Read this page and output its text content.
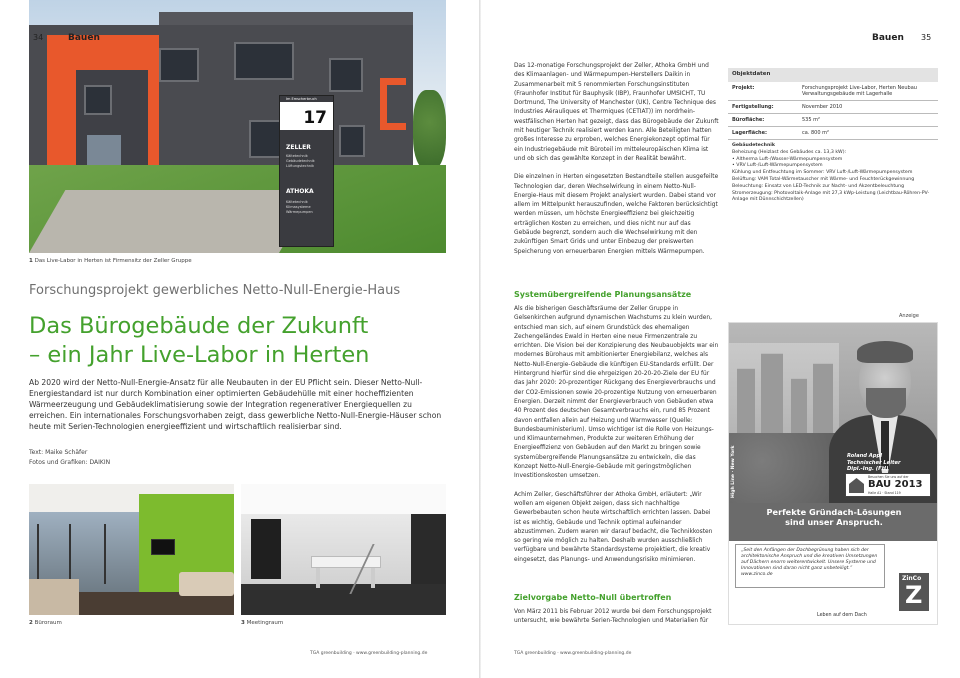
17
Im Emscherbruch
ZELLER
Kältetechnik Gebäudetechnik Lüftungstechnik
ATHOKA
Kältetechnik Klimasysteme Wärmepumpen
34	Bauen
1 Das Live-Labor in Herten ist Firmensitz der Zeller Gruppe
Forschungsprojekt gewerbliches Netto-Null-Energie-Haus
Das Bürogebäude der Zukunft
– ein Jahr Live-Labor in Herten
Ab 2020 wird der Netto-Null-Energie-Ansatz für alle Neubauten in der EU Pflicht sein. Dieser Netto-Null-Energiestandard ist nur durch Kombination einer optimierten Gebäudehülle mit einer hocheffizienten Wärmeerzeugung und Gebäudeklimatisierung sowie der Integration regenerativer Energiequellen zu erreichen. Ein internationales Forschungsvorhaben zeigt, dass gewerbliche Netto-Null-Energie-Häuser schon heute mit Serien-Technologien energieeffizient und wirtschaftlich realisierbar sind.
Text: Maike Schäfer
Fotos und Grafiken: DAIKIN
2 Büroraum	3 Meetingraum
TGA greenbuilding · www.greenbuilding-planning.de
Bauen 35

Das 12-monatige Forschungsprojekt der Zeller, Athoka GmbH und des Klimaanlagen- und Wärmepumpen-Herstellers Daikin in Zusammenarbeit mit 5 renommierten Forschungsinstituten (Fraunhofer Institut für Bauphysik (IBP), Fraunhofer UMSICHT, TU Dortmund, The University of Manchester (UK), Centre Technique des Industries Aérauliques et Thermiques (CETIAT)) im nordrhein-westfälischen Herten hat gezeigt, dass das Bürogebäude der Zukunft mit heutiger Technik realisiert werden kann. Alle Beteiligten hatten großes Interesse zu erproben, welches Energiekonzept optimal für ein Industriegebäude mit Büroteil im mitteleuropäischen Klima ist und ob sich das gewählte Konzept in der Realität bewährt.

Die einzelnen in Herten eingesetzten Bestandteile stellen ausgefeilte Technologien dar, deren Wechselwirkung in einem Netto-Null-Energie-Haus mit diesem Projekt analysiert wurden. Dabei stand vor allem im Mittelpunkt herauszufinden, welche Faktoren berücksichtigt werden müssen, um höchste Energieeffizienz bei gleichzeitig erträglichen Kosten zu erreichen, und dies nicht nur auf das Gebäude begrenzt, sondern auch die Wechselwirkung mit den zukünftigen Smart Grids und unter Einbezug der preiswerten Speicherung von erneuerbaren Energien mittels Wärmepumpen.

Systemübergreifende Planungsansätze

Als die bisherigen Geschäftsräume der Zeller Gruppe in Gelsenkirchen aufgrund dynamischen Wachstums zu klein wurden, entschied man sich, auf einem Grundstück des ehemaligen Zechengeländes Ewald in Herten eine neue Firmenzentrale zu errichten. Die Vision bei der Konzipierung des Neubauobjekts war ein modernes Bürohaus mit ambitionierter Energiebilanz, welches als Netto-Null-Energie-Gebäude die künftigen EU-Standards erfüllt. Der Hintergrund hierfür sind die ehrgeizigen 20-20-20-Ziele der EU für das Jahr 2020: 20-prozentiger Rückgang des Energieverbrauchs und der CO2-Emissionen sowie 20-prozentige Nutzung von erneuerbaren Energien. Derzeit nimmt der Energieverbrauch von Gebäuden etwa 40 Prozent des deutschen Gesamtverbrauchs ein, rund 85 Prozent davon entfallen allein auf Heizung und Warmwasser (Quelle: Bundesbauministerium). Umso wichtiger ist die Rolle von Heizungs- und Klimaunternehmen, Produkte zur weiteren Erhöhung der Energieeffizienz von Gebäuden auf den Markt zu bringen sowie systemübergreifende Planungsansätze zu entwickeln, die das Konzept Netto-Null-Energie-Gebäude mit geringstmöglichen Investitionskosten umsetzen.

Achim Zeller, Geschäftsführer der Athoka GmbH, erläutert: „Wir wollen am eigenen Objekt zeigen, dass sich nachhaltige Gewerbebauten schon heute wirtschaftlich errichten lassen. Dabei ist es wichtig, Gebäude und Technik optimal aufeinander abzustimmen. Zudem waren wir darauf bedacht, die Technikkosten so gering wie möglich zu halten. Deshalb wurden ausschließlich verfügbare und bewährte Standardsysteme projektiert, die kreativ eingesetzt, das Planungs- und Anwendungsrisiko minimieren.

Zielvorgabe Netto-Null übertroffen

Von März 2011 bis Februar 2012 wurde bei dem Forschungsprojekt untersucht, wie bewährte Serien-Technologien und Materialien für

Objektdaten
Projekt:	Forschungsprojekt Live-Labor, Herten Neubau Verwaltungsgebäude mit Lagerhalle
Fertigstellung:	November 2010
Bürofläche:	535 m²
Lagerfläche:	ca. 800 m²
Gebäudetechnik
Beheizung (Heizlast des Gebäudes ca. 13,3 kW):
• Altherma Luft-/Wasser-Wärmepumpensystem
• VRV Luft-/Luft-Wärmepumpensystem
Kühlung und Entfeuchtung im Sommer: VRV Luft-/Luft-Wärmepumpensystem
Belüftung: VAM Total-Wärmetauscher mit Wärme- und Feuchterückgewinnung
Beleuchtung: Einsatz von LED-Technik zur Nacht- und Akzentbeleuchtung
Stromerzeugung: Photovoltaik-Anlage mit 27,3 kWp-Leistung (Leichtbau-Röhren-PV-Anlage mit Dünnschichtzellen)
Anzeige
High Line · New York	Roland Appl
Technischer Leiter
Dipl.-Ing. (FH)
Besuchen Sie uns auf der
BAU 2013
Halle A1 · Stand 119
Perfekte Gründach-Lösungen
sind unser Anspruch.
„Seit den Anfängen der Dachbegrünung haben sich der architektonische Anspruch und die kreativen Umsetzungen auf Dächern enorm weiterentwickelt. Unsere Systeme und Innovationen sind daran nicht ganz unbeteiligt.“ www.zinco.de
ZinCo
Z
Leben auf dem Dach
TGA greenbuilding · www.greenbuilding-planning.de
